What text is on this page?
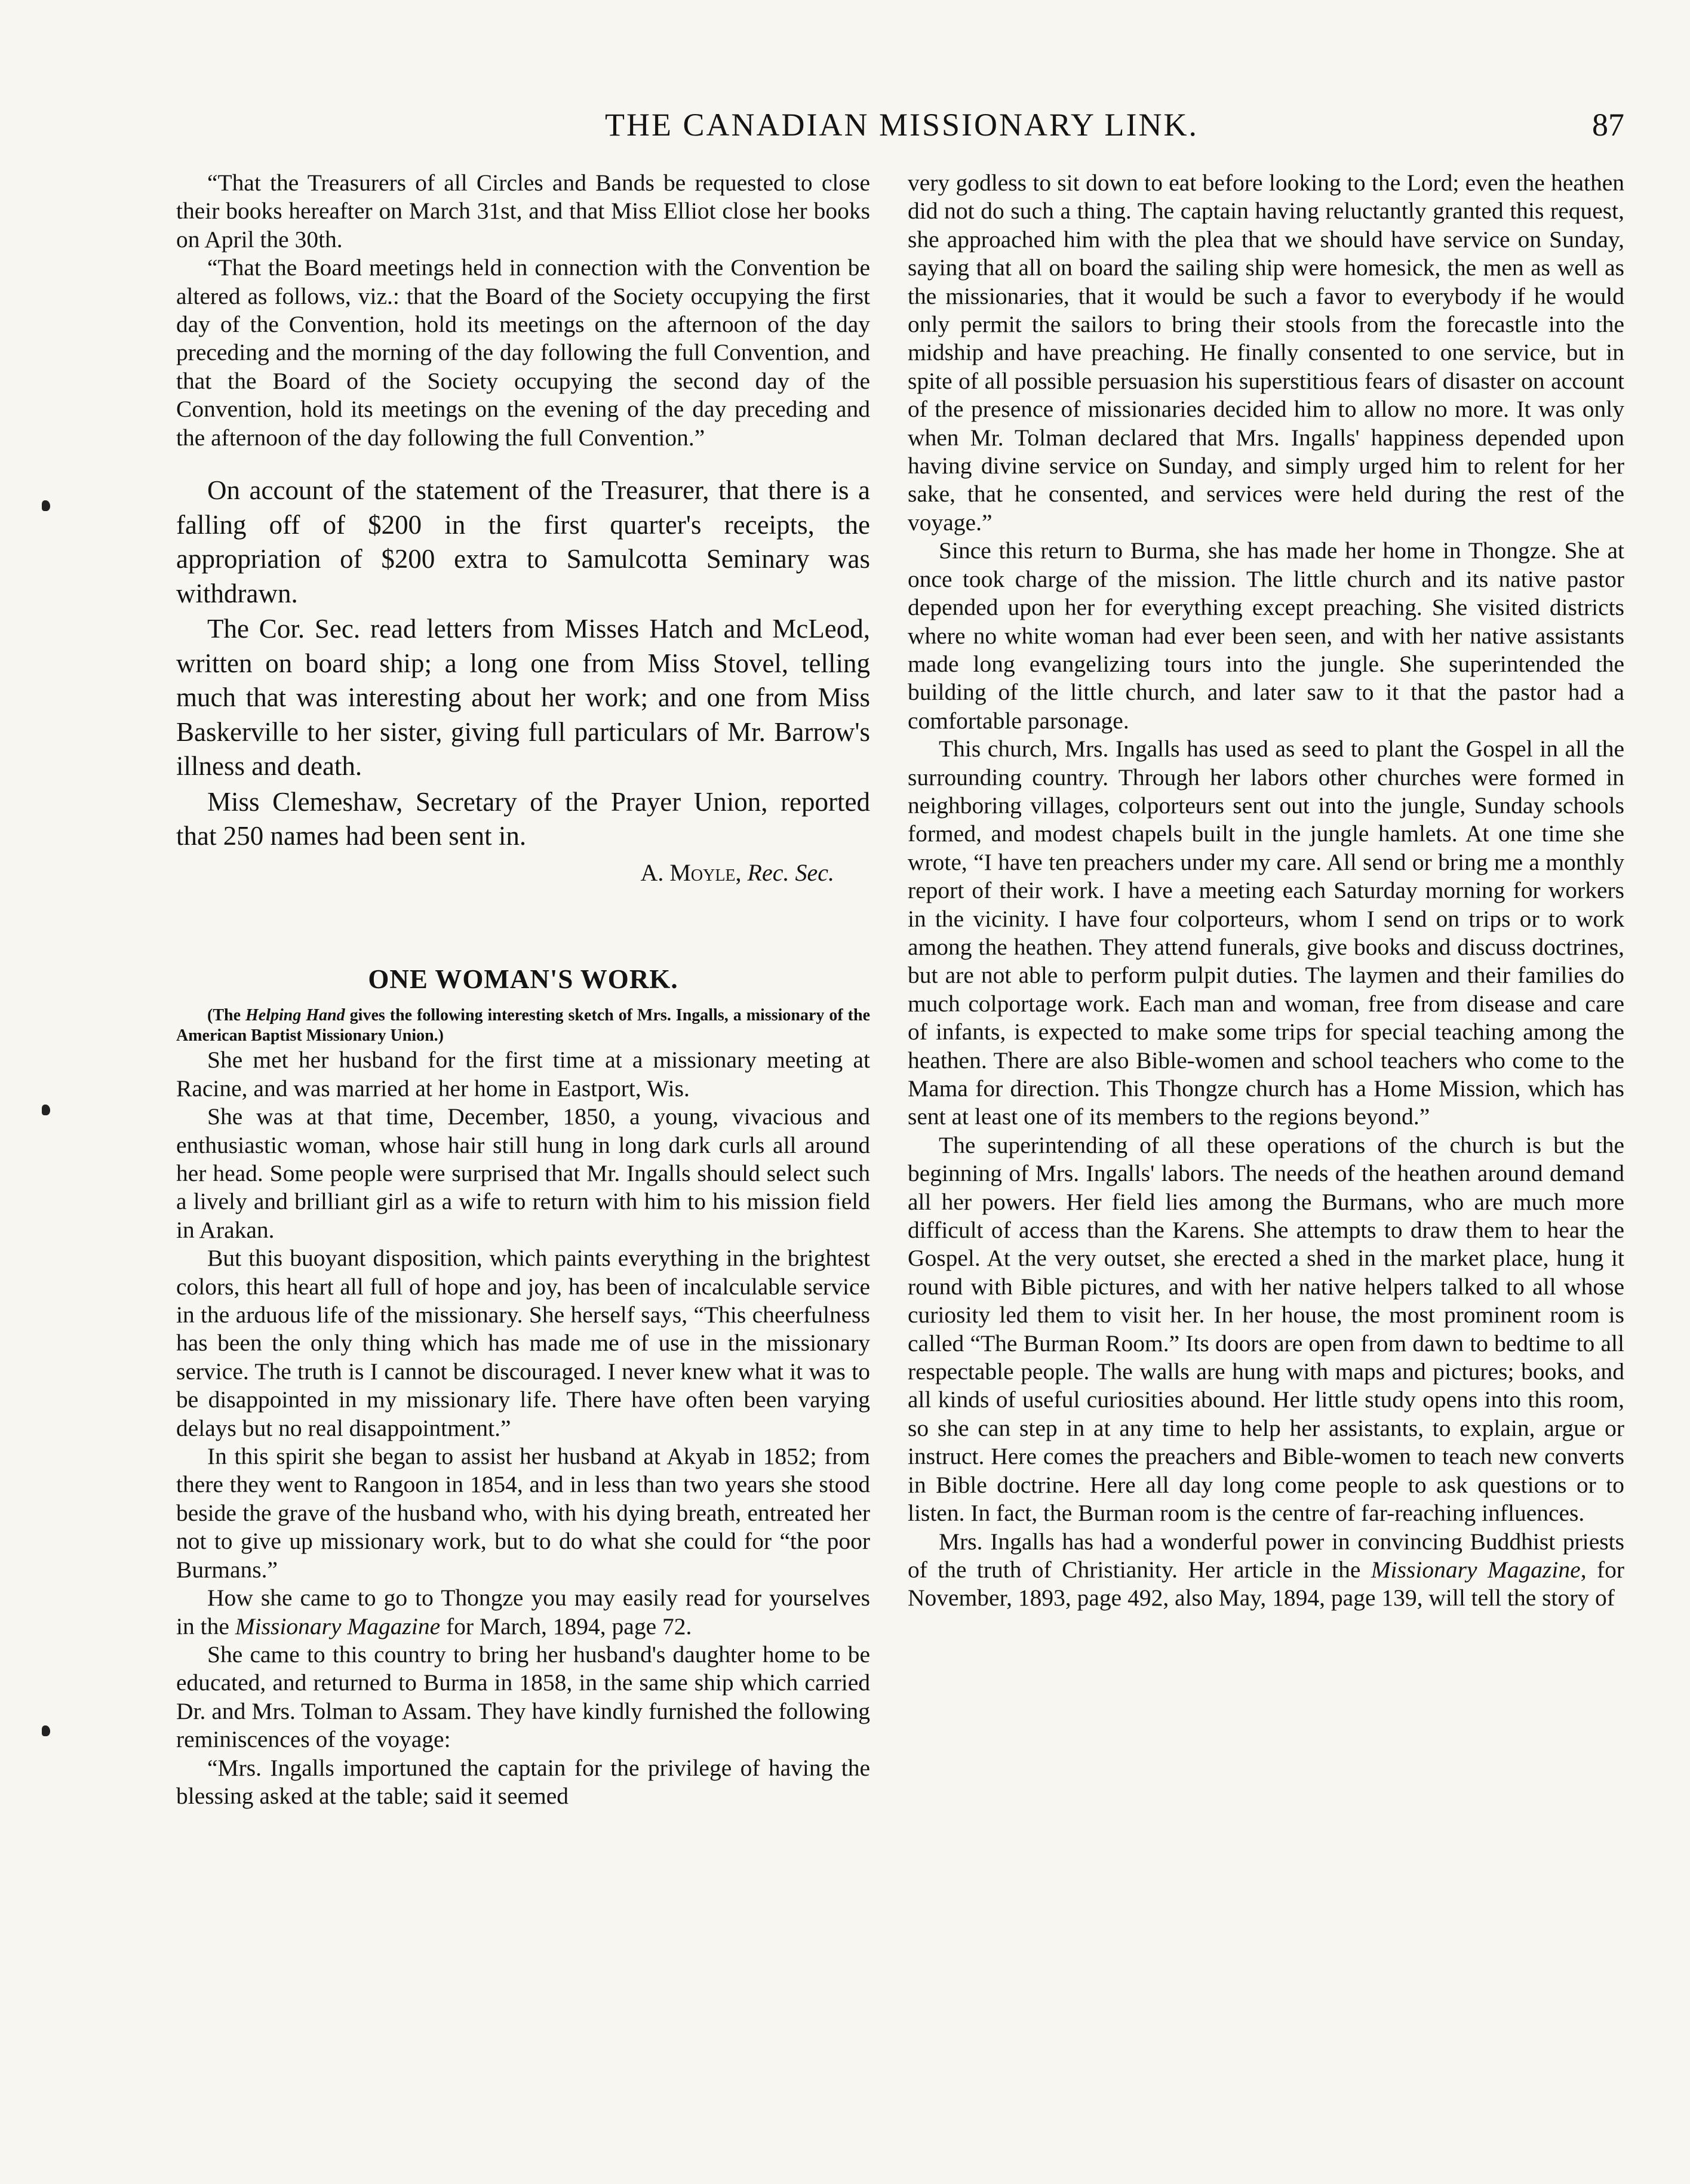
THE CANADIAN MISSIONARY LINK.	87

“That the Treasurers of all Circles and Bands be requested to close their books hereafter on March 31st, and that Miss Elliot close her books on April the 30th.

“That the Board meetings held in connection with the Convention be altered as follows, viz.: that the Board of the Society occupying the first day of the Convention, hold its meetings on the afternoon of the day preceding and the morning of the day following the full Convention, and that the Board of the Society occupying the second day of the Convention, hold its meetings on the evening of the day preceding and the afternoon of the day following the full Convention.”

On account of the statement of the Treasurer, that there is a falling off of $200 in the first quarter's receipts, the appropriation of $200 extra to Samulcotta Seminary was withdrawn.

The Cor. Sec. read letters from Misses Hatch and McLeod, written on board ship; a long one from Miss Stovel, telling much that was interesting about her work; and one from Miss Baskerville to her sister, giving full particulars of Mr. Barrow's illness and death.

Miss Clemeshaw, Secretary of the Prayer Union, reported that 250 names had been sent in.

A. Moyle, Rec. Sec.
ONE WOMAN'S WORK.

(The Helping Hand gives the following interesting sketch of Mrs. Ingalls, a missionary of the American Baptist Missionary Union.)

She met her husband for the first time at a missionary meeting at Racine, and was married at her home in Eastport, Wis.

She was at that time, December, 1850, a young, vivacious and enthusiastic woman, whose hair still hung in long dark curls all around her head. Some people were surprised that Mr. Ingalls should select such a lively and brilliant girl as a wife to return with him to his mission field in Arakan.

But this buoyant disposition, which paints everything in the brightest colors, this heart all full of hope and joy, has been of incalculable service in the arduous life of the missionary. She herself says, “This cheerfulness has been the only thing which has made me of use in the missionary service. The truth is I cannot be discouraged. I never knew what it was to be disappointed in my missionary life. There have often been varying delays but no real disappointment.”

In this spirit she began to assist her husband at Akyab in 1852; from there they went to Rangoon in 1854, and in less than two years she stood beside the grave of the husband who, with his dying breath, entreated her not to give up missionary work, but to do what she could for “the poor Burmans.”

How she came to go to Thongze you may easily read for yourselves in the Missionary Magazine for March, 1894, page 72.

She came to this country to bring her husband's daughter home to be educated, and returned to Burma in 1858, in the same ship which carried Dr. and Mrs. Tolman to Assam. They have kindly furnished the following reminiscences of the voyage:

“Mrs. Ingalls importuned the captain for the privilege of having the blessing asked at the table; said it seemed

very godless to sit down to eat before looking to the Lord; even the heathen did not do such a thing. The captain having reluctantly granted this request, she approached him with the plea that we should have service on Sunday, saying that all on board the sailing ship were homesick, the men as well as the missionaries, that it would be such a favor to everybody if he would only permit the sailors to bring their stools from the forecastle into the midship and have preaching. He finally consented to one service, but in spite of all possible persuasion his superstitious fears of disaster on account of the presence of missionaries decided him to allow no more. It was only when Mr. Tolman declared that Mrs. Ingalls' happiness depended upon having divine service on Sunday, and simply urged him to relent for her sake, that he consented, and services were held during the rest of the voyage.”

Since this return to Burma, she has made her home in Thongze. She at once took charge of the mission. The little church and its native pastor depended upon her for everything except preaching. She visited districts where no white woman had ever been seen, and with her native assistants made long evangelizing tours into the jungle. She superintended the building of the little church, and later saw to it that the pastor had a comfortable parsonage.

This church, Mrs. Ingalls has used as seed to plant the Gospel in all the surrounding country. Through her labors other churches were formed in neighboring villages, colporteurs sent out into the jungle, Sunday schools formed, and modest chapels built in the jungle hamlets. At one time she wrote, “I have ten preachers under my care. All send or bring me a monthly report of their work. I have a meeting each Saturday morning for workers in the vicinity. I have four colporteurs, whom I send on trips or to work among the heathen. They attend funerals, give books and discuss doctrines, but are not able to perform pulpit duties. The laymen and their families do much colportage work. Each man and woman, free from disease and care of infants, is expected to make some trips for special teaching among the heathen. There are also Bible-women and school teachers who come to the Mama for direction. This Thongze church has a Home Mission, which has sent at least one of its members to the regions beyond.”

The superintending of all these operations of the church is but the beginning of Mrs. Ingalls' labors. The needs of the heathen around demand all her powers. Her field lies among the Burmans, who are much more difficult of access than the Karens. She attempts to draw them to hear the Gospel. At the very outset, she erected a shed in the market place, hung it round with Bible pictures, and with her native helpers talked to all whose curiosity led them to visit her. In her house, the most prominent room is called “The Burman Room.” Its doors are open from dawn to bedtime to all respectable people. The walls are hung with maps and pictures; books, and all kinds of useful curiosities abound. Her little study opens into this room, so she can step in at any time to help her assistants, to explain, argue or instruct. Here comes the preachers and Bible-women to teach new converts in Bible doctrine. Here all day long come people to ask questions or to listen. In fact, the Burman room is the centre of far-reaching influences.

Mrs. Ingalls has had a wonderful power in convincing Buddhist priests of the truth of Christianity. Her article in the Missionary Magazine, for November, 1893, page 492, also May, 1894, page 139, will tell the story of
